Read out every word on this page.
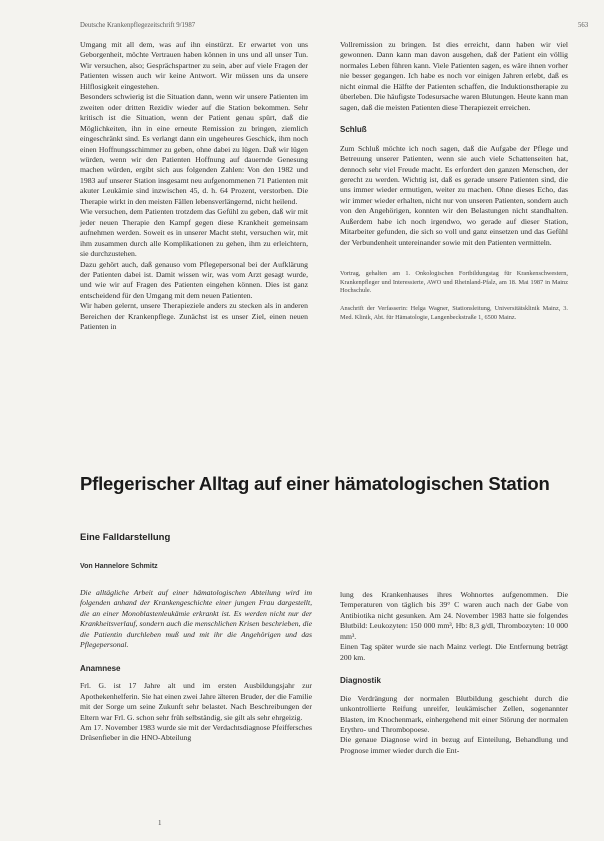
Deutsche Krankenpflegezeitschrift 9/1987	563

Umgang mit all dem, was auf ihn einstürzt. Er erwartet von uns Geborgenheit, möchte Vertrauen haben können in uns und all unser Tun. Wir versuchen, also; Gesprächspartner zu sein, aber auf viele Fragen der Patienten wissen auch wir keine Antwort. Wir müssen uns da unsere Hilflosigkeit eingestehen.

Besonders schwierig ist die Situation dann, wenn wir unsere Patienten im zweiten oder dritten Rezidiv wieder auf die Station bekommen. Sehr kritisch ist die Situation, wenn der Patient genau spürt, daß die Möglichkeiten, ihn in eine erneute Remission zu bringen, ziemlich eingeschränkt sind. Es verlangt dann ein ungeheures Geschick, ihm noch einen Hoffnungsschimmer zu geben, ohne dabei zu lügen. Daß wir lügen würden, wenn wir den Patienten Hoffnung auf dauernde Genesung machen würden, ergibt sich aus folgenden Zahlen: Von den 1982 und 1983 auf unserer Station insgesamt neu aufgenommenen 71 Patienten mit akuter Leukämie sind inzwischen 45, d. h. 64 Prozent, verstorben. Die Therapie wirkt in den meisten Fällen lebensverlängernd, nicht heilend.

Wie versuchen, dem Patienten trotzdem das Gefühl zu geben, daß wir mit jeder neuen Therapie den Kampf gegen diese Krankheit gemeinsam aufnehmen werden. Soweit es in unserer Macht steht, versuchen wir, mit ihm zusammen durch alle Komplikationen zu gehen, ihm zu erleichtern, sie durchzustehen.

Dazu gehört auch, daß genauso vom Pflegepersonal bei der Aufklärung der Patienten dabei ist. Damit wissen wir, was vom Arzt gesagt wurde, und wie wir auf Fragen des Patienten eingehen können. Dies ist ganz entscheidend für den Umgang mit dem neuen Patienten.

Wir haben gelernt, unsere Therapieziele anders zu stecken als in anderen Bereichen der Krankenpflege. Zunächst ist es unser Ziel, einen neuen Patienten in

Vollremission zu bringen. Ist dies erreicht, dann haben wir viel gewonnen. Dann kann man davon ausgehen, daß der Patient ein völlig normales Leben führen kann. Viele Patienten sagen, es wäre ihnen vorher nie besser gegangen. Ich habe es noch vor einigen Jahren erlebt, daß es nicht einmal die Hälfte der Patienten schaffen, die Induktionstherapie zu überleben. Die häufigste Todesursache waren Blutungen. Heute kann man sagen, daß die meisten Patienten diese Therapiezeit erreichen.

Schluß

Zum Schluß möchte ich noch sagen, daß die Aufgabe der Pflege und Betreuung unserer Patienten, wenn sie auch viele Schattenseiten hat, dennoch sehr viel Freude macht. Es erfordert den ganzen Menschen, der gerecht zu werden. Wichtig ist, daß es gerade unsere Patienten sind, die uns immer wieder ermutigen, weiter zu machen. Ohne dieses Echo, das wir immer wieder erhalten, nicht nur von unseren Patienten, sondern auch von den Angehörigen, konnten wir den Belastungen nicht standhalten. Außerdem habe ich noch irgendwo, wo gerade auf dieser Station, Mitarbeiter gefunden, die sich so voll und ganz einsetzen und das Gefühl der Verbundenheit untereinander sowie mit den Patienten vermitteln.

Vortrag, gehalten am 1. Onkologischen Fortbildungstag für Krankenschwestern, Krankenpfleger und Interessierte, AWO und Rheinland-Pfalz, am 18. Mai 1987 in Mainz Hochschule.

Anschrift der Verfasserin: Helga Wagner, Stationsleitung, Universitätsklinik Mainz, 3. Med. Klinik, Abt. für Hämatologie, Langenbeckstraße 1, 6500 Mainz.

Pflegerischer Alltag auf einer hämatologischen Station
Eine Falldarstellung
Von Hannelore Schmitz

Die alltägliche Arbeit auf einer hämatologischen Abteilung wird im folgenden anhand der Krankengeschichte einer jungen Frau dargestellt, die an einer Monoblastenleukämie erkrankt ist. Es werden nicht nur der Krankheitsverlauf, sondern auch die menschlichen Krisen beschrieben, die die Patientin durchleben muß und mit ihr die Angehörigen und das Pflegepersonal.

Anamnese

Frl. G. ist 17 Jahre alt und im ersten Ausbildungsjahr zur Apothekenhelferin. Sie hat einen zwei Jahre älteren Bruder, der die Familie mit der Sorge um seine Zukunft sehr belastet. Nach Beschreibungen der Eltern war Frl. G. schon sehr früh selbständig, sie gilt als sehr ehrgeizig.

Am 17. November 1983 wurde sie mit der Verdachtsdiagnose Pfeiffersches Drüsenfieber in die HNO-Abteilung

lung des Krankenhauses ihres Wohnortes aufgenommen. Die Temperaturen von täglich bis 39° C waren auch nach der Gabe von Antibiotika nicht gesunken. Am 24. November 1983 hatte sie folgendes Blutbild: Leukozyten: 150 000 mm³, Hb: 8,3 g/dl, Thrombozyten: 10 000 mm³.

Einen Tag später wurde sie nach Mainz verlegt. Die Entfernung beträgt 200 km.

Diagnostik

Die Verdrängung der normalen Blutbildung geschieht durch die unkontrollierte Reifung unreifer, leukämischer Zellen, sogenannter Blasten, im Knochenmark, einhergehend mit einer Störung der normalen Erythro- und Thrombopoese.

Die genaue Diagnose wird in bezug auf Einteilung, Behandlung und Prognose immer wieder durch die Ent-

1
